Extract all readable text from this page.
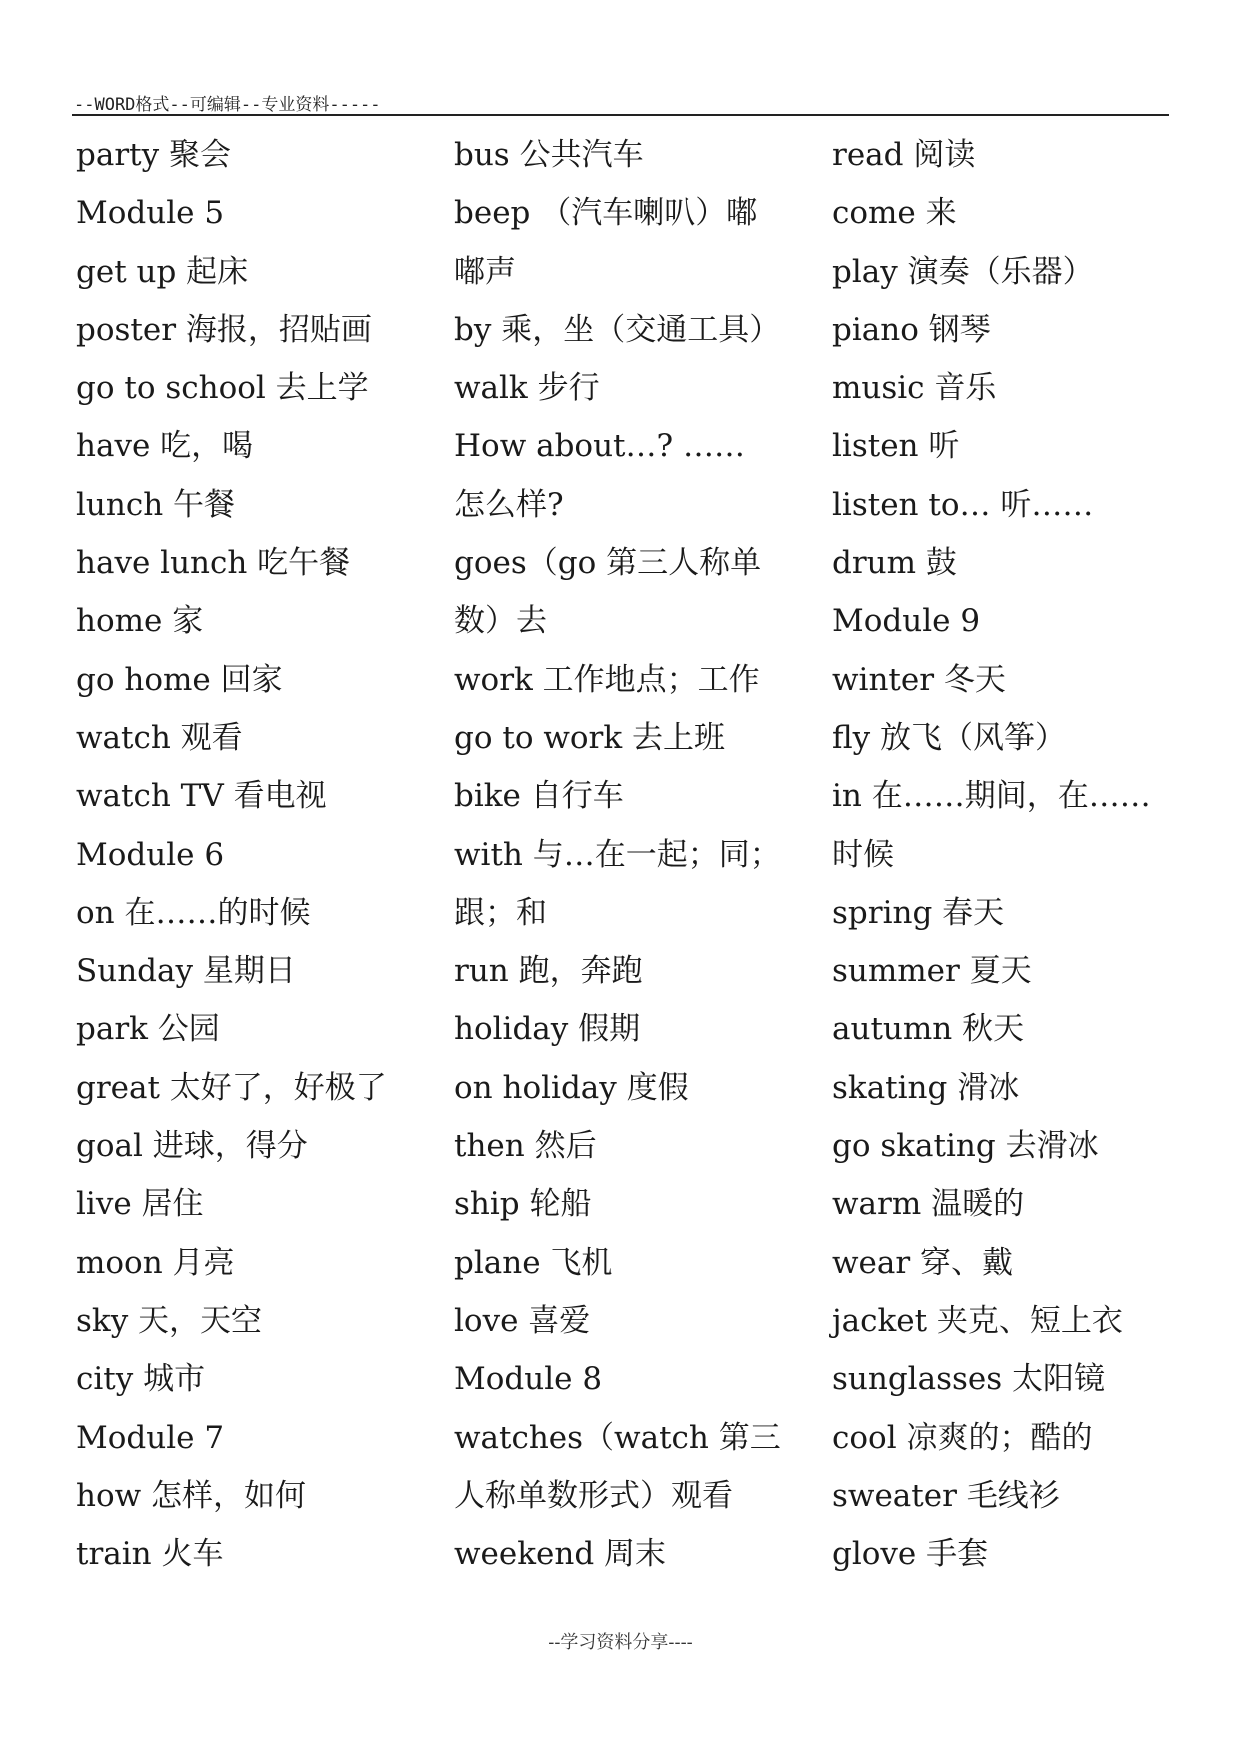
--WORD格式--可编辑--专业资料-----
party 聚会
Module 5
get up 起床
poster 海报，招贴画
go to school 去上学
have 吃，喝
lunch 午餐
have lunch 吃午餐
home 家
go home 回家
watch 观看
watch TV 看电视
Module 6
on 在……的时候
Sunday 星期日
park 公园
great 太好了，好极了
goal 进球，得分
live 居住
moon 月亮
sky 天，天空
city 城市
Module 7
how 怎样，如何
train 火车
bus 公共汽车
beep （汽车喇叭）嘟
嘟声
by 乘，坐（交通工具）
walk 步行
How about…? ……
怎么样?
goes（go 第三人称单
数）去
work 工作地点；工作
go to work 去上班
bike 自行车
with 与…在一起；同；
跟；和
run 跑，奔跑
holiday 假期
on holiday 度假
then 然后
ship 轮船
plane 飞机
love 喜爱
Module 8
watches（watch 第三
人称单数形式）观看
weekend 周末
read 阅读
come 来
play 演奏（乐器）
piano 钢琴
music 音乐
listen 听
listen to… 听……
drum 鼓
Module 9
winter 冬天
fly 放飞（风筝）
in 在……期间，在……
时候
spring 春天
summer 夏天
autumn 秋天
skating 滑冰
go skating 去滑冰
warm 温暖的
wear 穿、戴
jacket 夹克、短上衣
sunglasses 太阳镜
cool 凉爽的；酷的
sweater 毛线衫
glove 手套
--学习资料分享----
